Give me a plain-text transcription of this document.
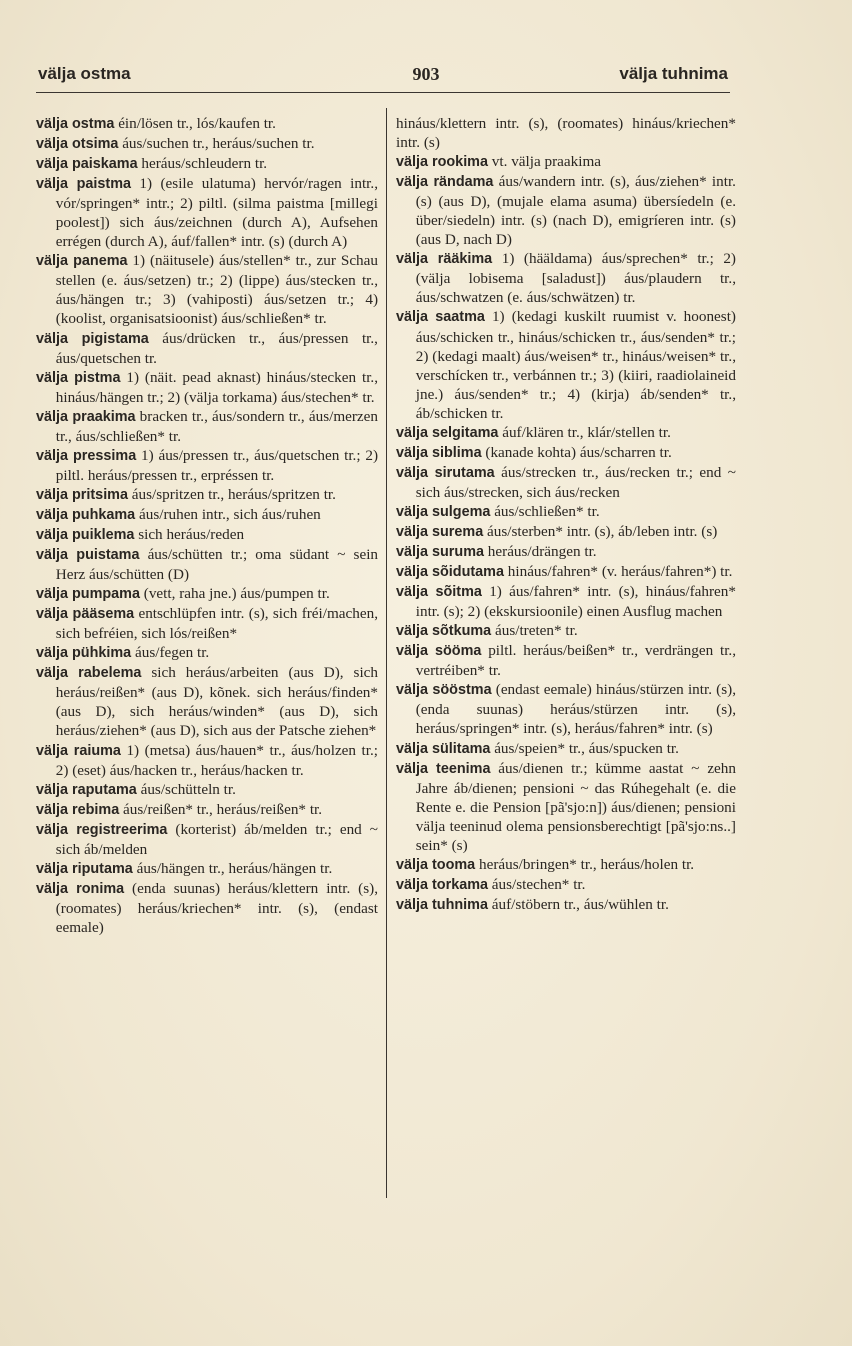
välja ostma	903	välja tuhnima

välja ostma éin/lösen tr., lós/kaufen tr.

välja otsima áus/suchen tr., heráus/suchen tr.

välja paiskama heráus/schleudern tr.

välja paistma 1) (esile ulatuma) hervór/ragen intr., vór/springen* intr.; 2) piltl. (silma paistma [millegi poolest]) sich áus/zeichnen (durch A), Aufsehen errégen (durch A), áuf/fallen* intr. (s) (durch A)

välja panema 1) (näitusele) áus/stellen* tr., zur Schau stellen (e. áus/setzen) tr.; 2) (lippe) áus/stecken tr., áus/hängen tr.; 3) (vahiposti) áus/setzen tr.; 4) (koolist, organisatsioonist) áus/schließen* tr.

välja pigistama áus/drücken tr., áus/pressen tr., áus/quetschen tr.

välja pistma 1) (näit. pead aknast) hináus/stecken tr., hináus/hängen tr.; 2) (välja torkama) áus/stechen* tr.

välja praakima bracken tr., áus/sondern tr., áus/merzen tr., áus/schließen* tr.

välja pressima 1) áus/pressen tr., áus/quetschen tr.; 2) piltl. heráus/pressen tr., erpréssen tr.

välja pritsima áus/spritzen tr., heráus/spritzen tr.

välja puhkama áus/ruhen intr., sich áus/ruhen

välja puiklema sich heráus/reden

välja puistama áus/schütten tr.; oma südant ~ sein Herz áus/schütten (D)

välja pumpama (vett, raha jne.) áus/pumpen tr.

välja pääsema entschlüpfen intr. (s), sich fréi/machen, sich befréien, sich lós/reißen*

välja pühkima áus/fegen tr.

välja rabelema sich heráus/arbeiten (aus D), sich heráus/reißen* (aus D), kõnek. sich heráus/finden* (aus D), sich heráus/winden* (aus D), sich heráus/ziehen* (aus D), sich aus der Patsche ziehen*

välja raiuma 1) (metsa) áus/hauen* tr., áus/holzen tr.; 2) (eset) áus/hacken tr., heráus/hacken tr.

välja raputama áus/schütteln tr.

välja rebima áus/reißen* tr., heráus/reißen* tr.

välja registreerima (korterist) áb/melden tr.; end ~ sich áb/melden

välja riputama áus/hängen tr., heráus/hängen tr.

välja ronima (enda suunas) heráus/klettern intr. (s), (roomates) heráus/kriechen* intr. (s), (endast eemale)

hináus/klettern intr. (s), (roomates) hináus/kriechen* intr. (s)

välja rookima vt. välja praakima

välja rändama áus/wandern intr. (s), áus/ziehen* intr. (s) (aus D), (mujale elama asuma) übersíedeln (e. über/siedeln) intr. (s) (nach D), emigríeren intr. (s) (aus D, nach D)

välja rääkima 1) (hääldama) áus/sprechen* tr.; 2) (välja lobisema [saladust]) áus/plaudern tr., áus/schwatzen (e. áus/schwätzen) tr.

välja saatma 1) (kedagi kuskilt ruumist v. hoonest) áus/schicken tr., hináus/schicken tr., áus/senden* tr.; 2) (kedagi maalt) áus/weisen* tr., hináus/weisen* tr., verschícken tr., verbánnen tr.; 3) (kiiri, raadiolaineid jne.) áus/senden* tr.; 4) (kirja) áb/senden* tr., áb/schicken tr.

välja selgitama áuf/klären tr., klár/stellen tr.

välja siblima (kanade kohta) áus/scharren tr.

välja sirutama áus/strecken tr., áus/recken tr.; end ~ sich áus/strecken, sich áus/recken

välja sulgema áus/schließen* tr.

välja surema áus/sterben* intr. (s), áb/leben intr. (s)

välja suruma heráus/drängen tr.

välja sõidutama hináus/fahren* (v. heráus/fahren*) tr.

välja sõitma 1) áus/fahren* intr. (s), hináus/fahren* intr. (s); 2) (ekskursioonile) einen Ausflug machen

välja sõtkuma áus/treten* tr.

välja sööma piltl. heráus/beißen* tr., verdrängen tr., vertréiben* tr.

välja sööstma (endast eemale) hináus/stürzen intr. (s), (enda suunas) heráus/stürzen intr. (s), heráus/springen* intr. (s), heráus/fahren* intr. (s)

välja sülitama áus/speien* tr., áus/spucken tr.

välja teenima áus/dienen tr.; kümme aastat ~ zehn Jahre áb/dienen; pensioni ~ das Rúhegehalt (e. die Rente e. die Pension [pã'sjo:n]) áus/dienen; pensioni välja teeninud olema pensionsberechtigt [pã'sjo:ns..] sein* (s)

välja tooma heráus/bringen* tr., heráus/holen tr.

välja torkama áus/stechen* tr.

välja tuhnima áuf/stöbern tr., áus/wühlen tr.
